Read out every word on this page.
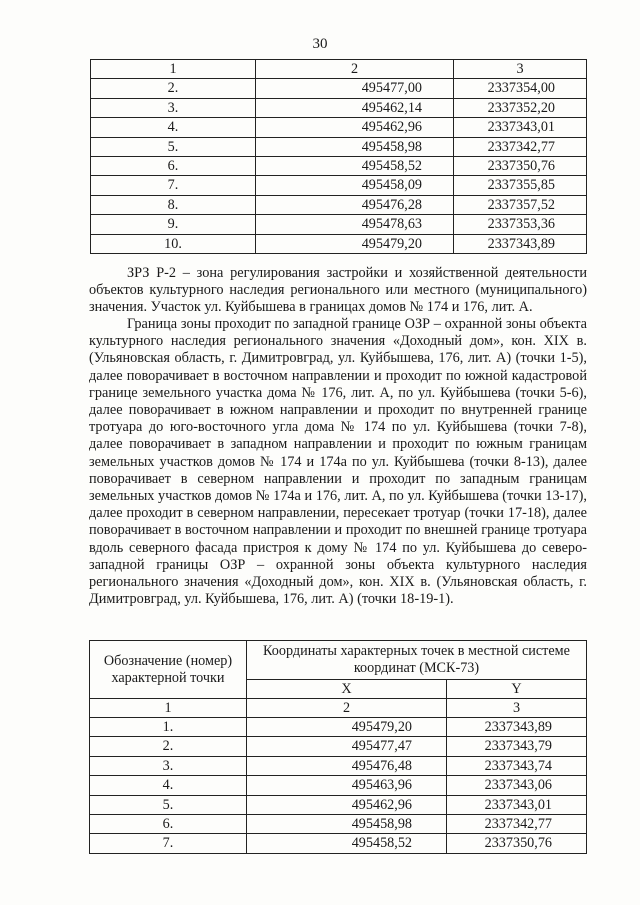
30
1	2	3
2.	495477,00	2337354,00
3.	495462,14	2337352,20
4.	495462,96	2337343,01
5.	495458,98	2337342,77
6.	495458,52	2337350,76
7.	495458,09	2337355,85
8.	495476,28	2337357,52
9.	495478,63	2337353,36
10.	495479,20	2337343,89
ЗРЗ Р-2 – зона регулирования застройки и хозяйственной деятельности объектов культурного наследия регионального или местного (муниципального) значения. Участок ул. Куйбышева в границах домов № 174 и 176, лит. А.
Граница зоны проходит по западной границе ОЗР – охранной зоны объекта культурного наследия регионального значения «Доходный дом», кон. XIX в. (Ульяновская область, г. Димитровград, ул. Куйбышева, 176, лит. А) (точки 1-5), далее поворачивает в восточном направлении и проходит по южной кадастровой границе земельного участка дома № 176, лит. А, по ул. Куйбышева (точки 5-6), далее поворачивает в южном направлении и проходит по внутренней границе тротуара до юго-восточного угла дома № 174 по ул. Куйбышева (точки 7-8), далее поворачивает в западном направлении и проходит по южным границам земельных участков домов № 174 и 174а по ул. Куйбышева (точки 8-13), далее поворачивает в северном направлении и проходит по западным границам земельных участков домов № 174а и 176, лит. А, по ул. Куйбышева (точки 13-17), далее проходит в северном направлении, пересекает тротуар (точки 17-18), далее поворачивает в восточном направлении и проходит по внешней границе тротуара вдоль северного фасада пристроя к дому № 174 по ул. Куйбышева до северо-западной границы ОЗР – охранной зоны объекта культурного наследия регионального значения «Доходный дом», кон. XIX в. (Ульяновская область, г. Димитровград, ул. Куйбышева, 176, лит. А) (точки 18-19-1).
Обозначение (номер) характерной точки	Координаты характерных точек в местной системе координат (МСК-73)	
	X	Y
1	2	3
1.	495479,20	2337343,89
2.	495477,47	2337343,79
3.	495476,48	2337343,74
4.	495463,96	2337343,06
5.	495462,96	2337343,01
6.	495458,98	2337342,77
7.	495458,52	2337350,76
